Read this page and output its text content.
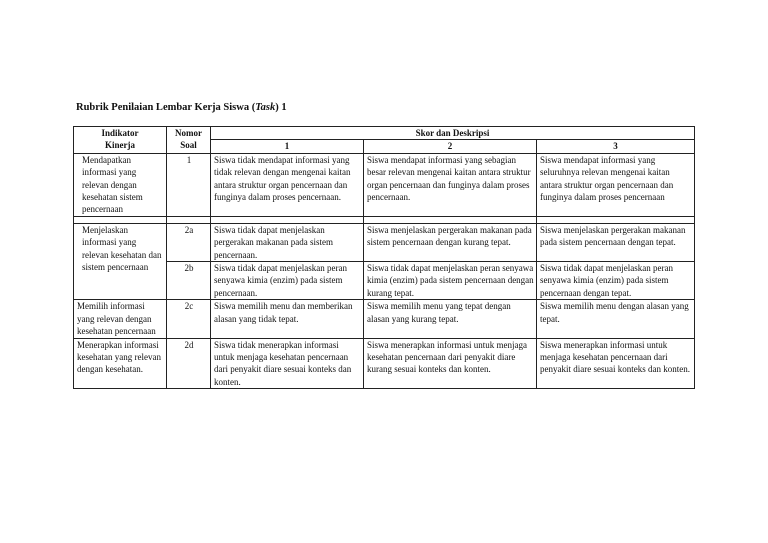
Rubrik Penilaian Lembar Kerja Siswa (Task) 1
Indikator Kinerja	Nomor Soal	Skor dan Deskripsi		
		1	2	3
Mendapatkan informasi yang relevan dengan kesehatan sistem pencernaan	1	Siswa tidak mendapat informasi yang tidak relevan dengan mengenai kaitan antara struktur organ pencernaan dan funginya dalam proses pencernaan.	Siswa mendapat informasi yang sebagian besar relevan mengenai kaitan antara struktur organ pencernaan dan funginya dalam proses pencernaan.	Siswa mendapat informasi yang seluruhnya relevan mengenai kaitan antara struktur organ pencernaan dan funginya dalam proses pencernaan

Menjelaskan informasi yang relevan kesehatan dan sistem pencernaan	2a	Siswa tidak dapat menjelaskan pergerakan makanan pada sistem pencernaan.	Siswa menjelaskan pergerakan makanan pada sistem pencernaan dengan kurang tepat.	Siswa menjelaskan pergerakan makanan pada sistem pencernaan dengan tepat.
	2b	Siswa tidak dapat menjelaskan peran senyawa kimia (enzim) pada sistem pencernaan.	Siswa tidak dapat menjelaskan peran senyawa kimia (enzim) pada sistem pencernaan dengan kurang tepat.	Siswa tidak dapat menjelaskan peran senyawa kimia (enzim) pada sistem pencernaan dengan tepat.
Memilih informasi yang relevan dengan kesehatan pencernaan	2c	Siswa memilih menu dan memberikan alasan yang tidak tepat.	Siswa memilih menu yang tepat dengan alasan yang kurang tepat.	Siswa memilih menu dengan alasan yang tepat.
Menerapkan informasi kesehatan yang relevan dengan kesehatan.	2d	Siswa tidak menerapkan informasi untuk menjaga kesehatan pencernaan dari penyakit diare sesuai konteks dan konten.	Siswa menerapkan informasi untuk menjaga kesehatan pencernaan dari penyakit diare kurang sesuai konteks dan konten.	Siswa menerapkan informasi untuk menjaga kesehatan pencernaan dari penyakit diare sesuai konteks dan konten.
